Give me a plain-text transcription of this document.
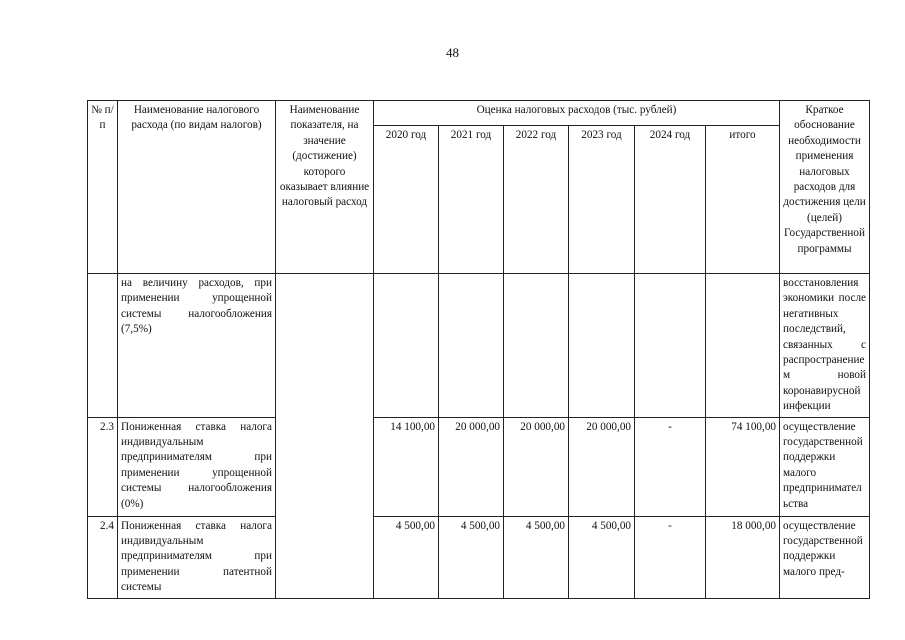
48
№ п/п	Наименование налогового расхода (по видам налогов)	Наименование показателя, на значение (достижение) которого оказывает влияние налоговый расход	Оценка налоговых расходов (тыс. рублей)						Краткое обоснование необходимости применения налоговых расходов для достижения цели (целей) Государственной программы
			2020 год	2021 год	2022 год	2023 год	2024 год	итого	
	на величину расходов, при применении упрощенной системы налогообложения (7,5%)								восстановления экономики после негативных последствий, связанных с распространением новой коронавирусной инфекции
2.3	Пониженная ставка налога индивидуальным предпринимателям при применении упрощенной системы налогообложения (0%)		14 100,00	20 000,00	20 000,00	20 000,00	-	74 100,00	осуществление государственной поддержки малого предпринимательства
2.4	Пониженная ставка налога индивидуальным предпринимателям при применении патентной системы		4 500,00	4 500,00	4 500,00	4 500,00	-	18 000,00	осуществление государственной поддержки малого пред-
